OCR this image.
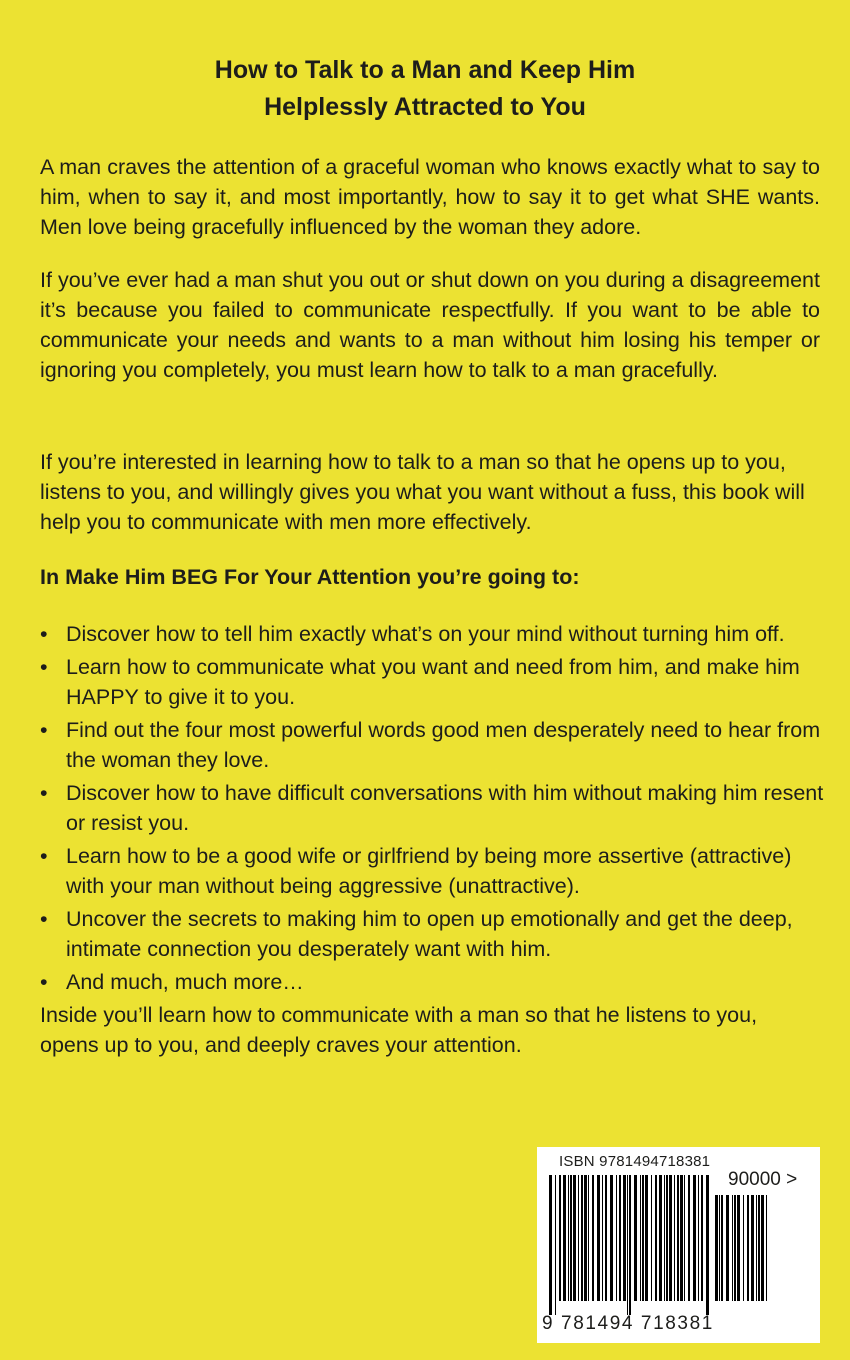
How to Talk to a Man and Keep Him
Helplessly Attracted to You
A man craves the attention of a graceful woman who knows exactly what to say to him, when to say it, and most importantly, how to say it to get what SHE wants. Men love being gracefully influenced by the woman they adore.
If you’ve ever had a man shut you out or shut down on you during a disagreement it’s because you failed to communicate respectfully. If you want to be able to communicate your needs and wants to a man without him losing his temper or ignoring you completely, you must learn how to talk to a man gracefully.
If you’re interested in learning how to talk to a man so that he opens up to you, listens to you, and willingly gives you what you want without a fuss, this book will help you to communicate with men more effectively.
In Make Him BEG For Your Attention you’re going to:
• Discover how to tell him exactly what’s on your mind without turning him off.
• Learn how to communicate what you want and need from him, and make him HAPPY to give it to you.
• Find out the four most powerful words good men desperately need to hear from the woman they love.
• Discover how to have difficult conversations with him without making him resent or resist you.
• Learn how to be a good wife or girlfriend by being more assertive (attractive) with your man without being aggressive (unattractive).
• Uncover the secrets to making him to open up emotionally and get the deep, intimate connection you desperately want with him.
• And much, much more…
Inside you’ll learn how to communicate with a man so that he listens to you, opens up to you, and deeply craves your attention.
ISBN 9781494718381
90000 >
9 781494 718381
